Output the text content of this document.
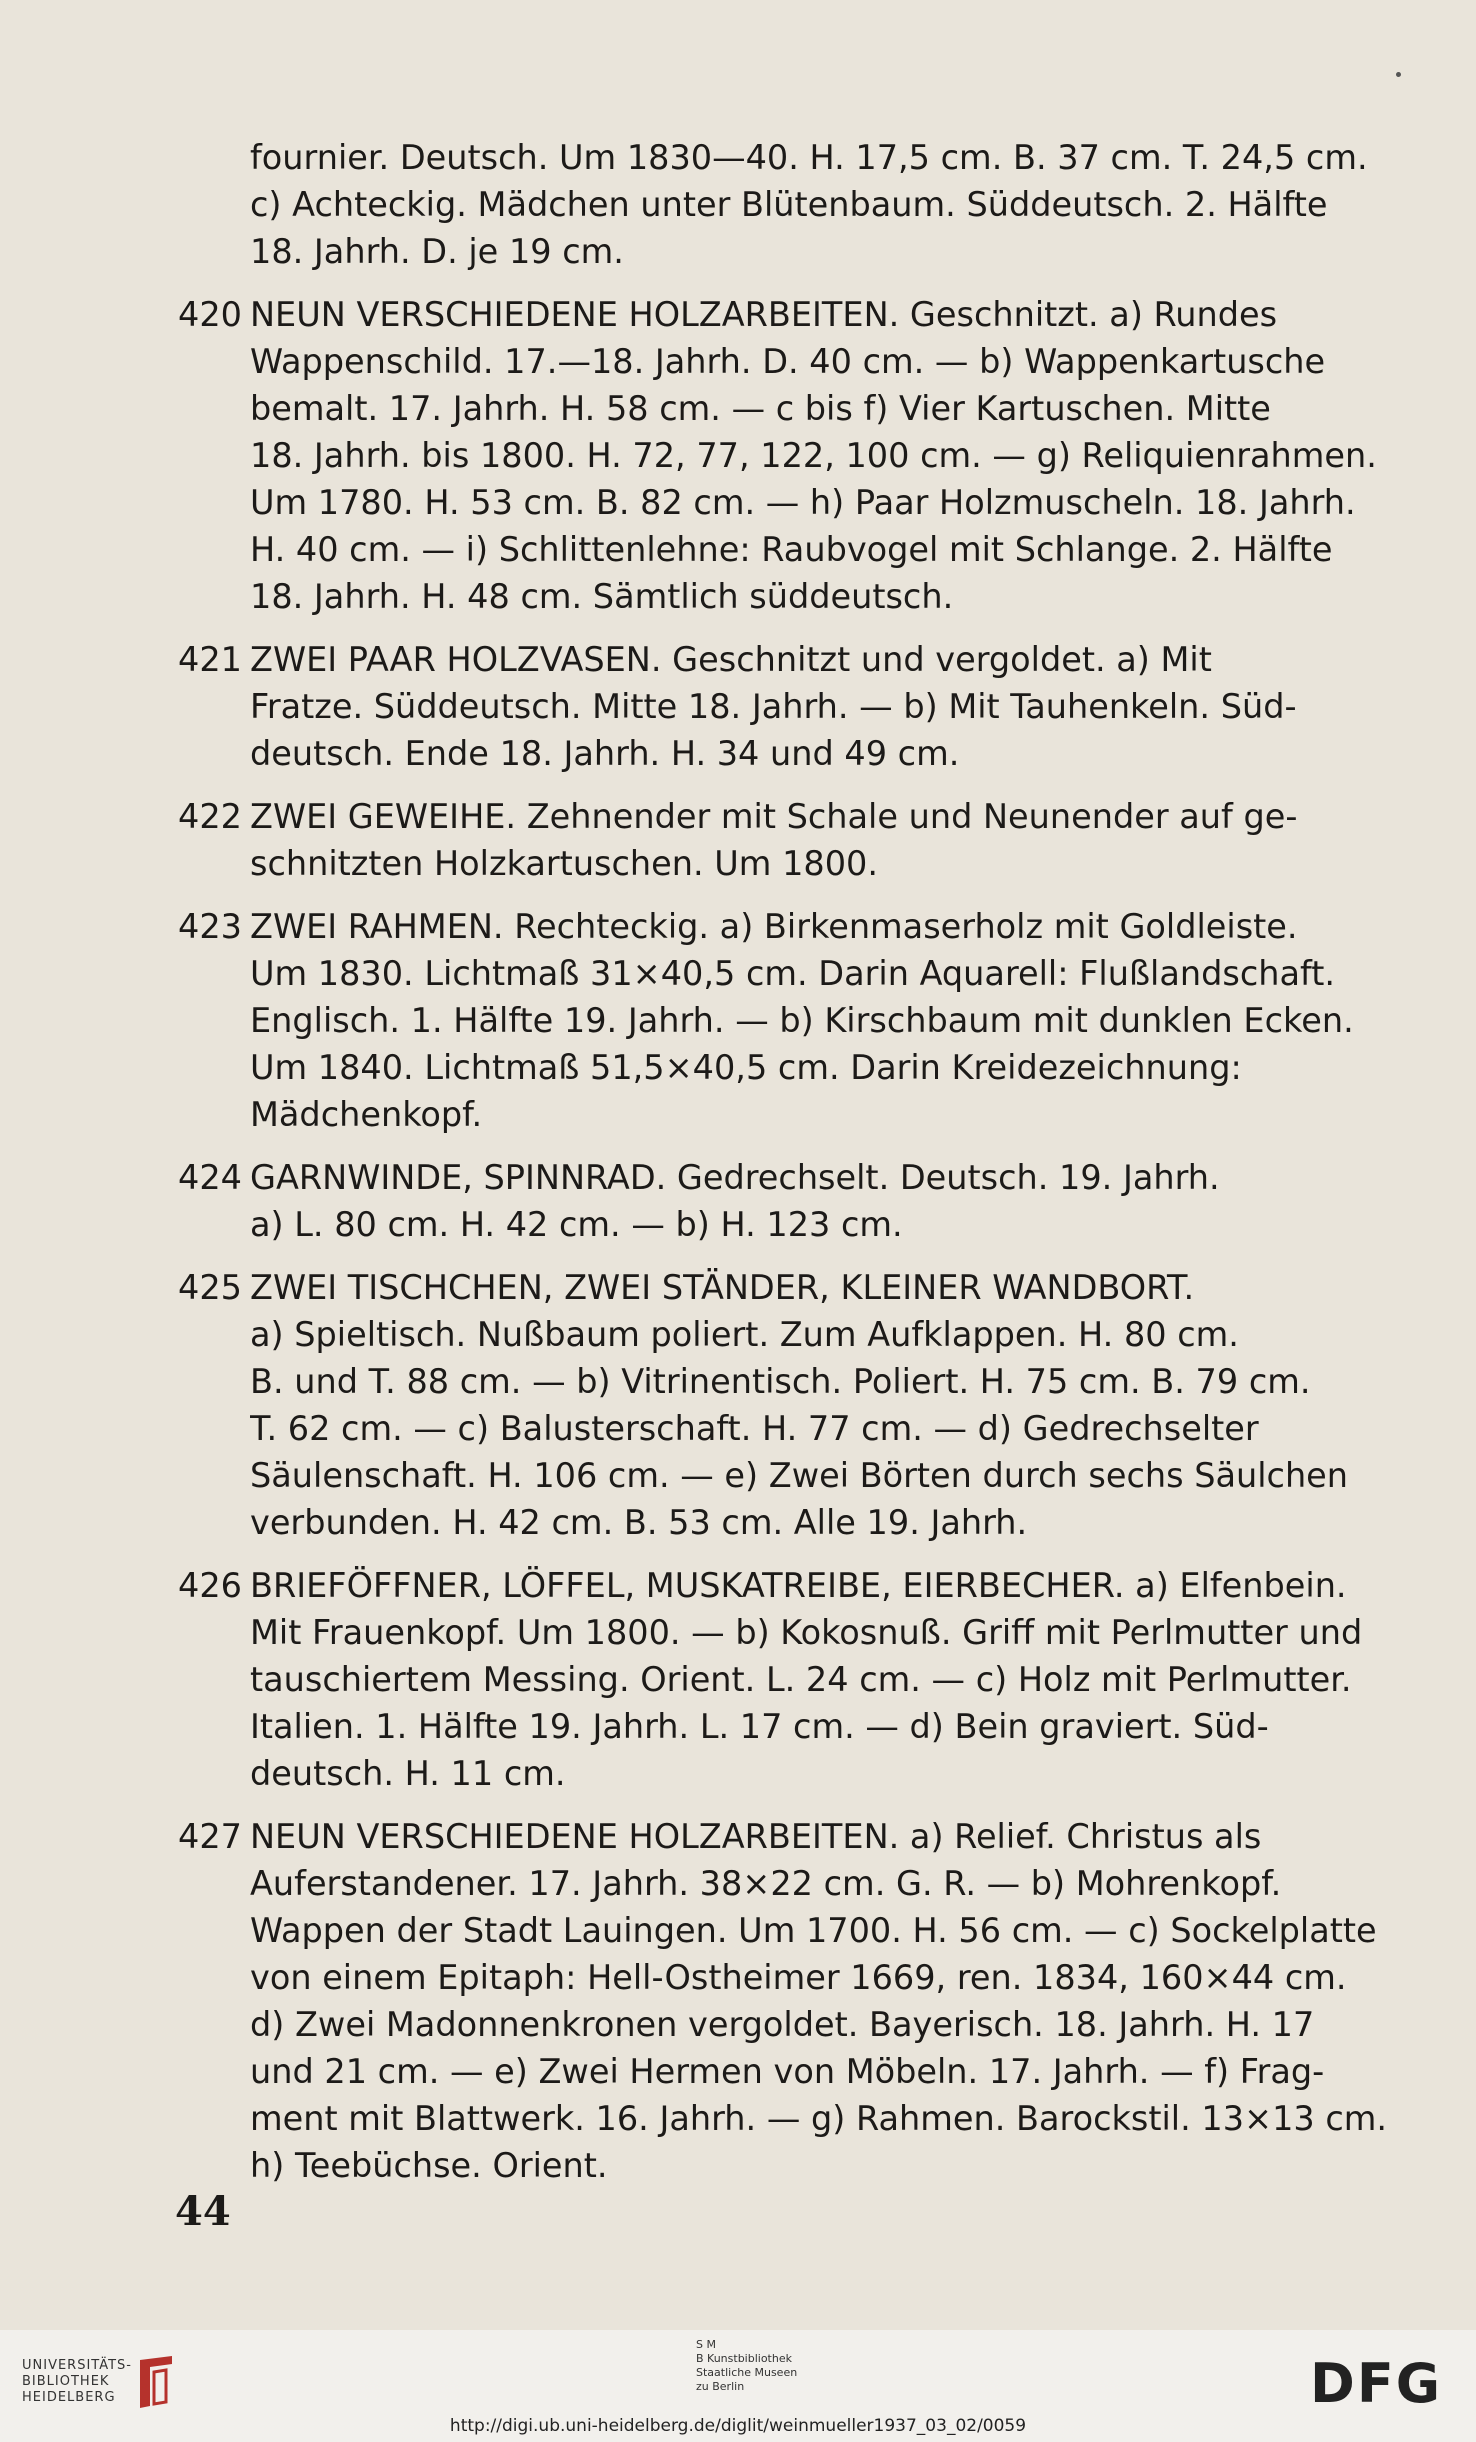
fournier. Deutsch. Um 1830—40. H. 17,5 cm. B. 37 cm. T. 24,5 cm.
c) Achteckig. Mädchen unter Blütenbaum. Süddeutsch. 2. Hälfte
18. Jahrh. D. je 19 cm.
420 NEUN VERSCHIEDENE HOLZARBEITEN. Geschnitzt. a) Rundes
Wappenschild. 17.—18. Jahrh. D. 40 cm. — b) Wappenkartusche
bemalt. 17. Jahrh. H. 58 cm. — c bis f) Vier Kartuschen. Mitte
18. Jahrh. bis 1800. H. 72, 77, 122, 100 cm. — g) Reliquienrahmen.
Um 1780. H. 53 cm. B. 82 cm. — h) Paar Holzmuscheln. 18. Jahrh.
H. 40 cm. — i) Schlittenlehne: Raubvogel mit Schlange. 2. Hälfte
18. Jahrh. H. 48 cm. Sämtlich süddeutsch.
421 ZWEI PAAR HOLZVASEN. Geschnitzt und vergoldet. a) Mit
Fratze. Süddeutsch. Mitte 18. Jahrh. — b) Mit Tauhenkeln. Süd-
deutsch. Ende 18. Jahrh. H. 34 und 49 cm.
422 ZWEI GEWEIHE. Zehnender mit Schale und Neunender auf ge-
schnitzten Holzkartuschen. Um 1800.
423 ZWEI RAHMEN. Rechteckig. a) Birkenmaserholz mit Goldleiste.
Um 1830. Lichtmaß 31×40,5 cm. Darin Aquarell: Flußlandschaft.
Englisch. 1. Hälfte 19. Jahrh. — b) Kirschbaum mit dunklen Ecken.
Um 1840. Lichtmaß 51,5×40,5 cm. Darin Kreidezeichnung:
Mädchenkopf.
424 GARNWINDE, SPINNRAD. Gedrechselt. Deutsch. 19. Jahrh.
a) L. 80 cm. H. 42 cm. — b) H. 123 cm.
425 ZWEI TISCHCHEN, ZWEI STÄNDER, KLEINER WANDBORT.
a) Spieltisch. Nußbaum poliert. Zum Aufklappen. H. 80 cm.
B. und T. 88 cm. — b) Vitrinentisch. Poliert. H. 75 cm. B. 79 cm.
T. 62 cm. — c) Balusterschaft. H. 77 cm. — d) Gedrechselter
Säulenschaft. H. 106 cm. — e) Zwei Börten durch sechs Säulchen
verbunden. H. 42 cm. B. 53 cm. Alle 19. Jahrh.
426 BRIEFÖFFNER, LÖFFEL, MUSKATREIBE, EIERBECHER. a) Elfenbein.
Mit Frauenkopf. Um 1800. — b) Kokosnuß. Griff mit Perlmutter und
tauschiertem Messing. Orient. L. 24 cm. — c) Holz mit Perlmutter.
Italien. 1. Hälfte 19. Jahrh. L. 17 cm. — d) Bein graviert. Süd-
deutsch. H. 11 cm.
427 NEUN VERSCHIEDENE HOLZARBEITEN. a) Relief. Christus als
Auferstandener. 17. Jahrh. 38×22 cm. G. R. — b) Mohrenkopf.
Wappen der Stadt Lauingen. Um 1700. H. 56 cm. — c) Sockelplatte
von einem Epitaph: Hell-Ostheimer 1669, ren. 1834, 160×44 cm.
d) Zwei Madonnenkronen vergoldet. Bayerisch. 18. Jahrh. H. 17
und 21 cm. — e) Zwei Hermen von Möbeln. 17. Jahrh. — f) Frag-
ment mit Blattwerk. 16. Jahrh. — g) Rahmen. Barockstil. 13×13 cm.
h) Teebüchse. Orient.
44
UNIVERSITÄTS-
BIBLIOTHEK
HEIDELBERG
S M
B Kunstbibliothek
Staatliche Museen
zu Berlin	DFG
http://digi.ub.uni-heidelberg.de/diglit/weinmueller1937_03_02/0059
